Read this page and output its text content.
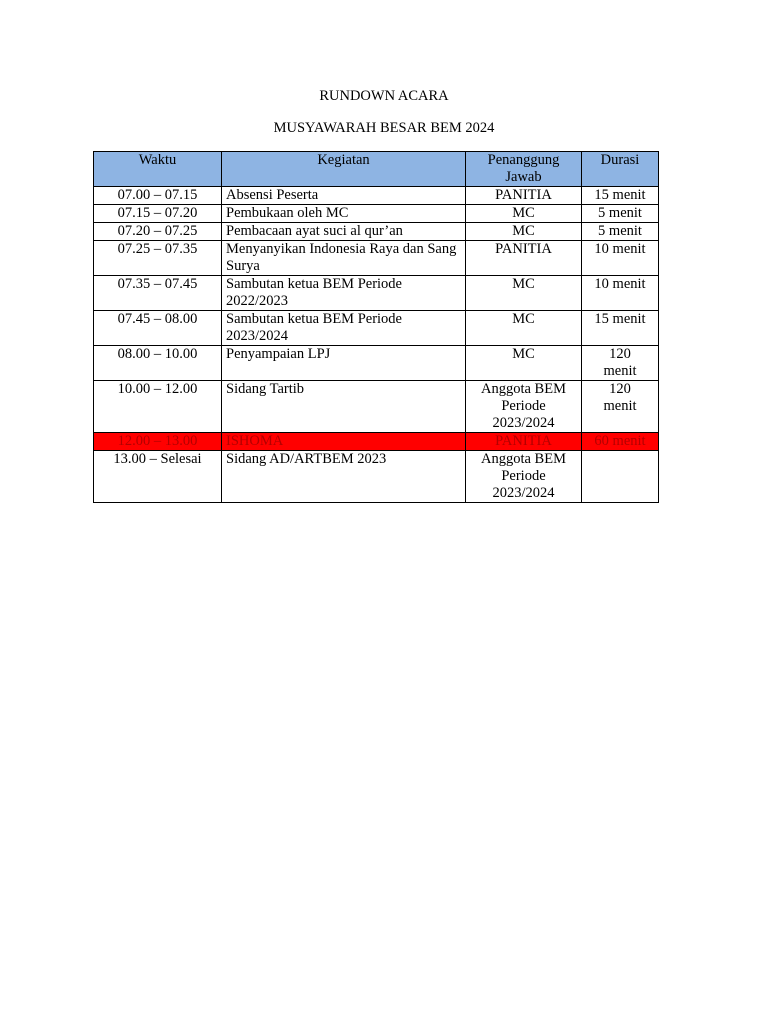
RUNDOWN ACARA
MUSYAWARAH BESAR BEM 2024
Waktu	Kegiatan	Penanggung Jawab	Durasi
07.00 – 07.15	Absensi Peserta	PANITIA	15 menit
07.15 – 07.20	Pembukaan oleh MC	MC	5 menit
07.20 – 07.25	Pembacaan ayat suci al qur’an	MC	5 menit
07.25 – 07.35	Menyanyikan Indonesia Raya dan Sang Surya	PANITIA	10 menit
07.35 – 07.45	Sambutan ketua BEM Periode 2022/2023	MC	10 menit
07.45 – 08.00	Sambutan ketua BEM Periode 2023/2024	MC	15 menit
08.00 – 10.00	Penyampaian LPJ	MC	120 menit
10.00 – 12.00	Sidang Tartib	Anggota BEM Periode 2023/2024	120 menit
12.00 – 13.00	ISHOMA	PANITIA	60 menit
13.00 – Selesai	Sidang AD/ARTBEM 2023	Anggota BEM Periode 2023/2024	
